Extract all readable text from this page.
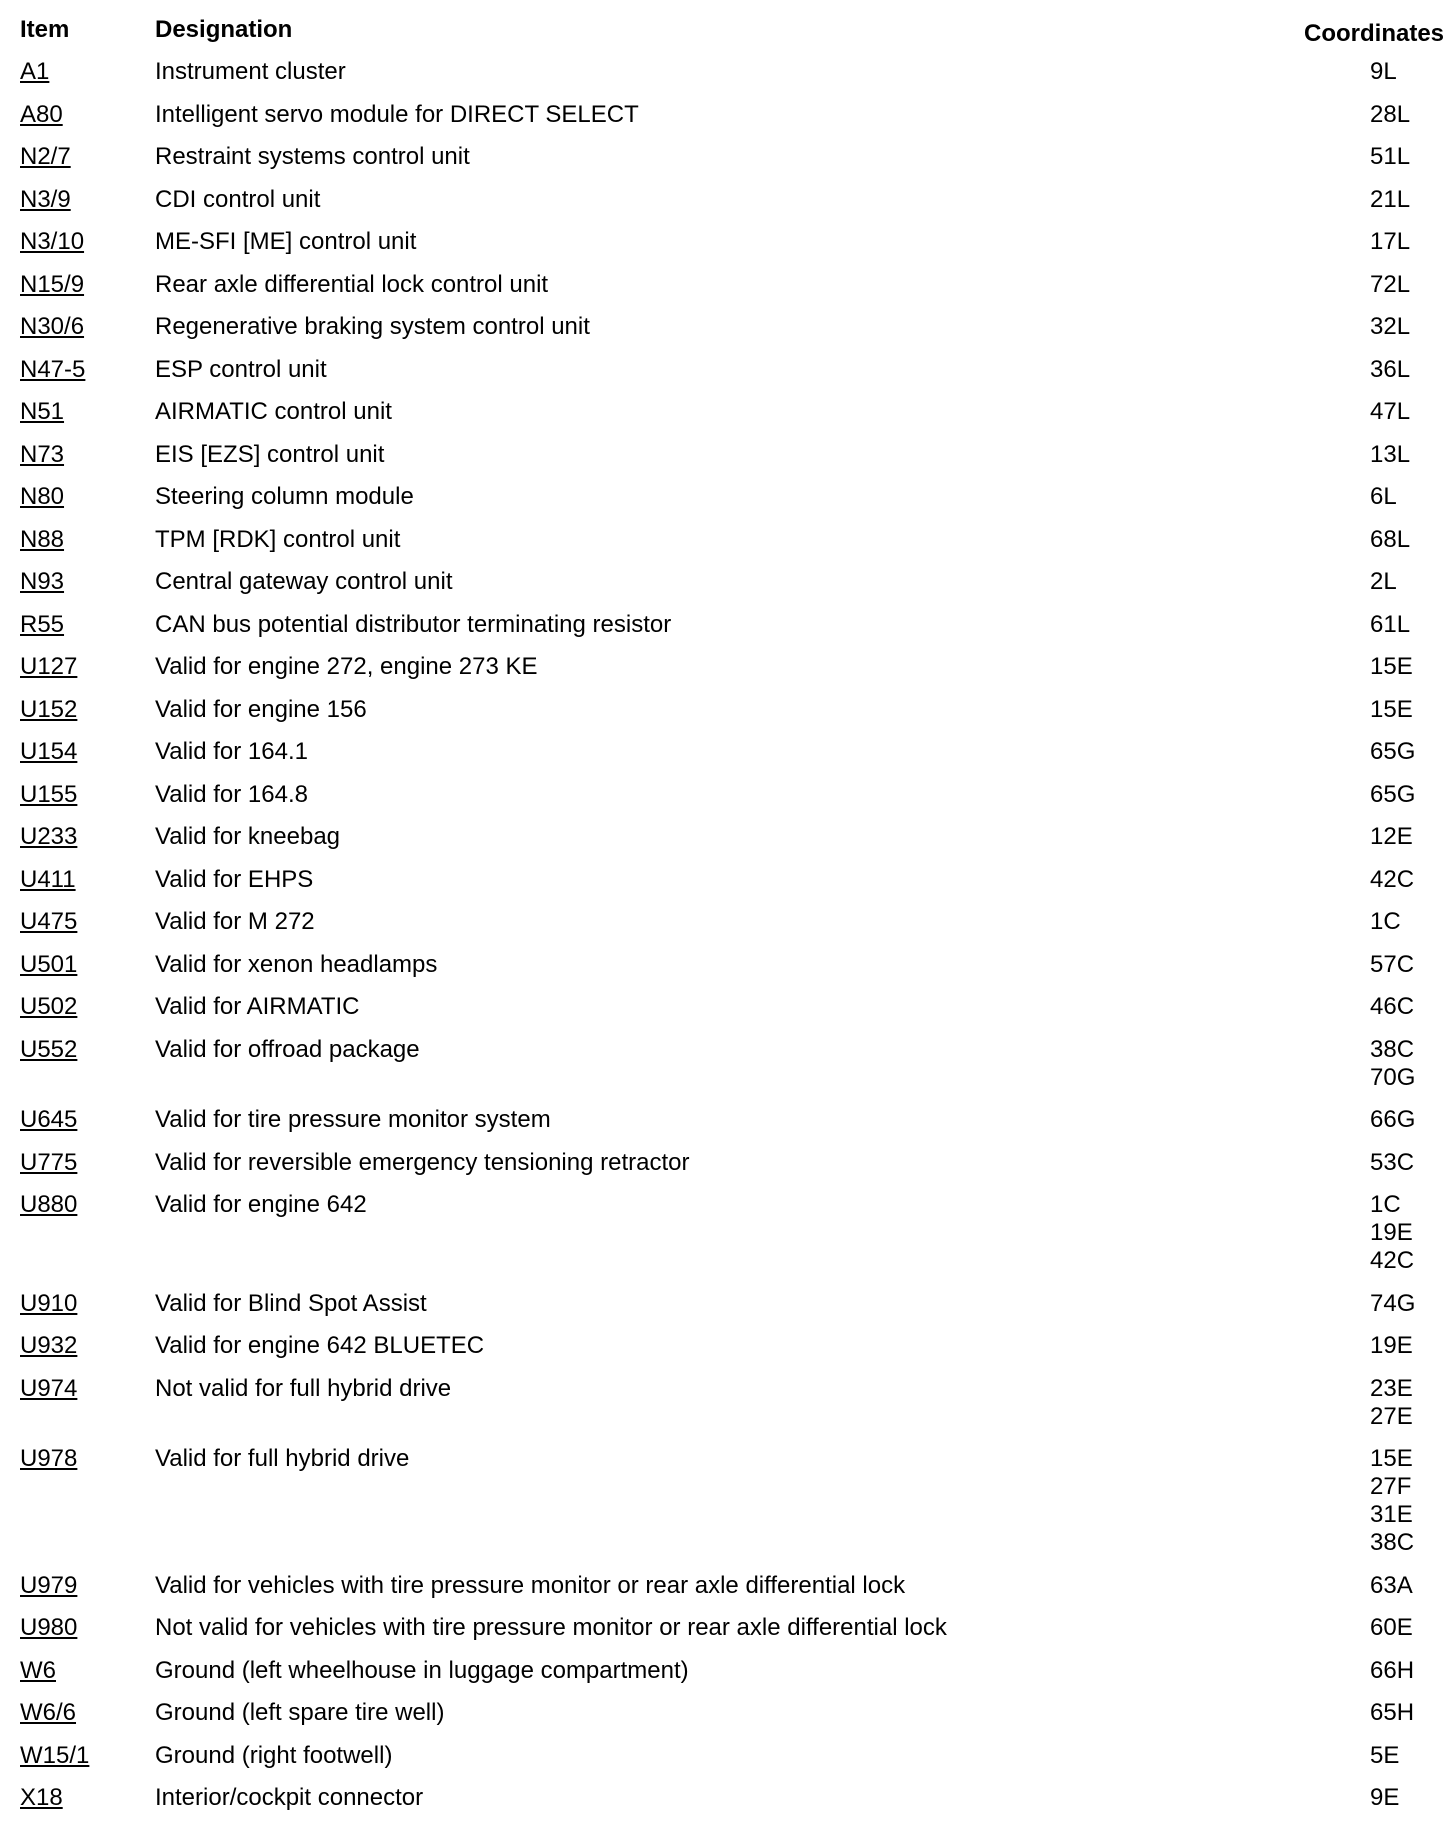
Item	Designation	Coordinates
A1	Instrument cluster	9L
A80	Intelligent servo module for DIRECT SELECT	28L
N2/7	Restraint systems control unit	51L
N3/9	CDI control unit	21L
N3/10	ME-SFI [ME] control unit	17L
N15/9	Rear axle differential lock control unit	72L
N30/6	Regenerative braking system control unit	32L
N47-5	ESP control unit	36L
N51	AIRMATIC control unit	47L
N73	EIS [EZS] control unit	13L
N80	Steering column module	6L
N88	TPM [RDK] control unit	68L
N93	Central gateway control unit	2L
R55	CAN bus potential distributor terminating resistor	61L
U127	Valid for engine 272, engine 273 KE	15E
U152	Valid for engine 156	15E
U154	Valid for 164.1	65G
U155	Valid for 164.8	65G
U233	Valid for kneebag	12E
U411	Valid for EHPS	42C
U475	Valid for M 272	1C
U501	Valid for xenon headlamps	57C
U502	Valid for AIRMATIC	46C
U552	Valid for offroad package	38C
70G
U645	Valid for tire pressure monitor system	66G
U775	Valid for reversible emergency tensioning retractor	53C
U880	Valid for engine 642	1C
19E
42C
U910	Valid for Blind Spot Assist	74G
U932	Valid for engine 642 BLUETEC	19E
U974	Not valid for full hybrid drive	23E
27E
U978	Valid for full hybrid drive	15E
27F
31E
38C
U979	Valid for vehicles with tire pressure monitor or rear axle differential lock	63A
U980	Not valid for vehicles with tire pressure monitor or rear axle differential lock	60E
W6	Ground (left wheelhouse in luggage compartment)	66H
W6/6	Ground (left spare tire well)	65H
W15/1	Ground (right footwell)	5E
X18	Interior/cockpit connector	9E
